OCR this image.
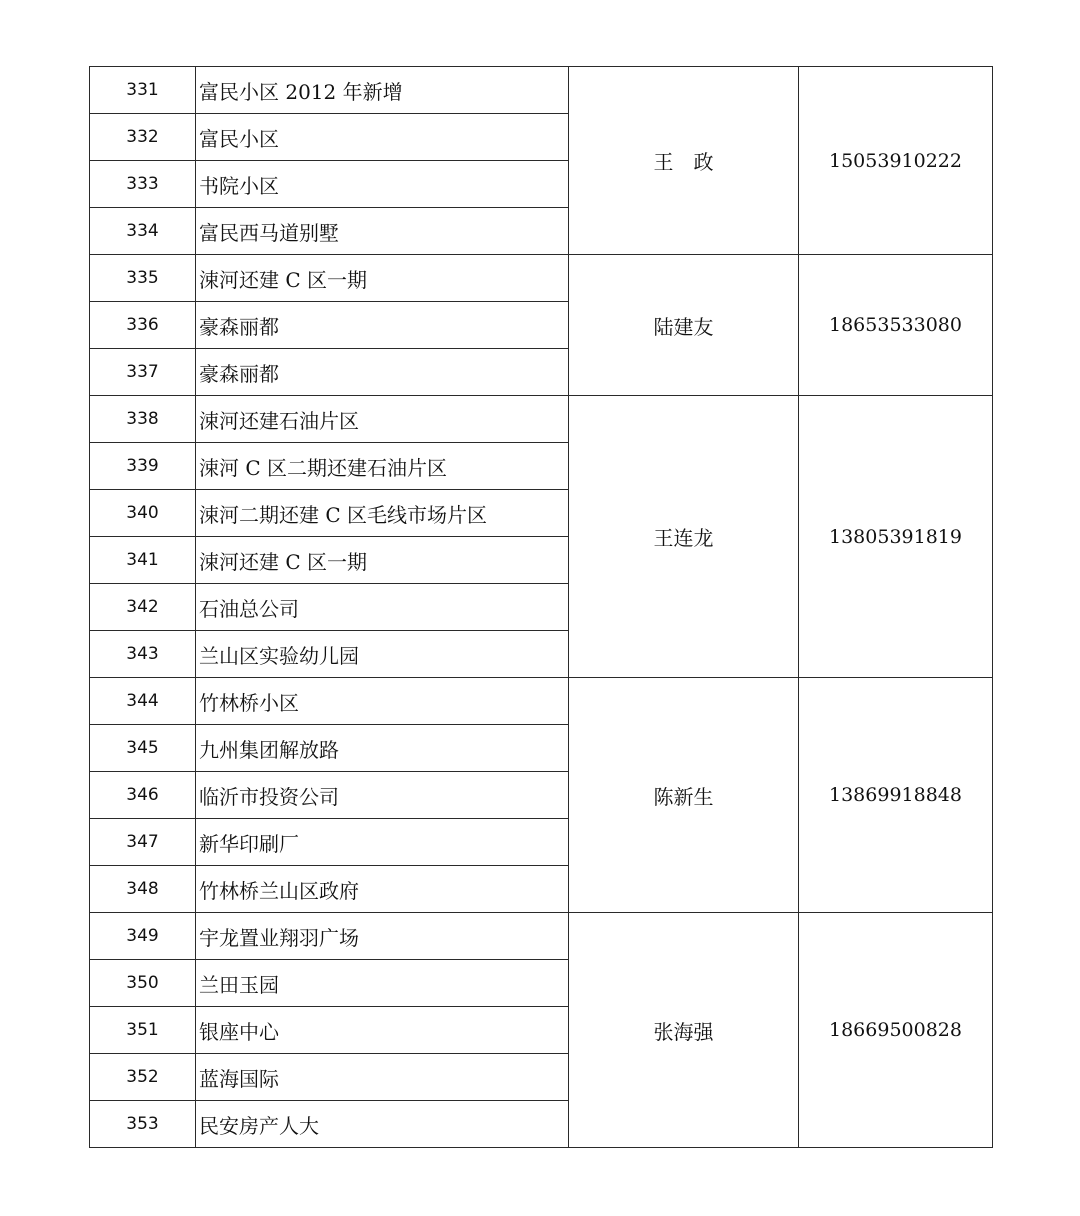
331	富民小区 2012 年新增	王　政	15053910222
332	富民小区		
333	书院小区		
334	富民西马道别墅		
335	涑河还建 C 区一期	陆建友	18653533080
336	豪森丽都		
337	豪森丽都		
338	涑河还建石油片区	王连龙	13805391819
339	涑河 C 区二期还建石油片区		
340	涑河二期还建 C 区毛线市场片区		
341	涑河还建 C 区一期		
342	石油总公司		
343	兰山区实验幼儿园		
344	竹林桥小区	陈新生	13869918848
345	九州集团解放路		
346	临沂市投资公司		
347	新华印刷厂		
348	竹林桥兰山区政府		
349	宇龙置业翔羽广场	张海强	18669500828
350	兰田玉园		
351	银座中心		
352	蓝海国际		
353	民安房产人大		
